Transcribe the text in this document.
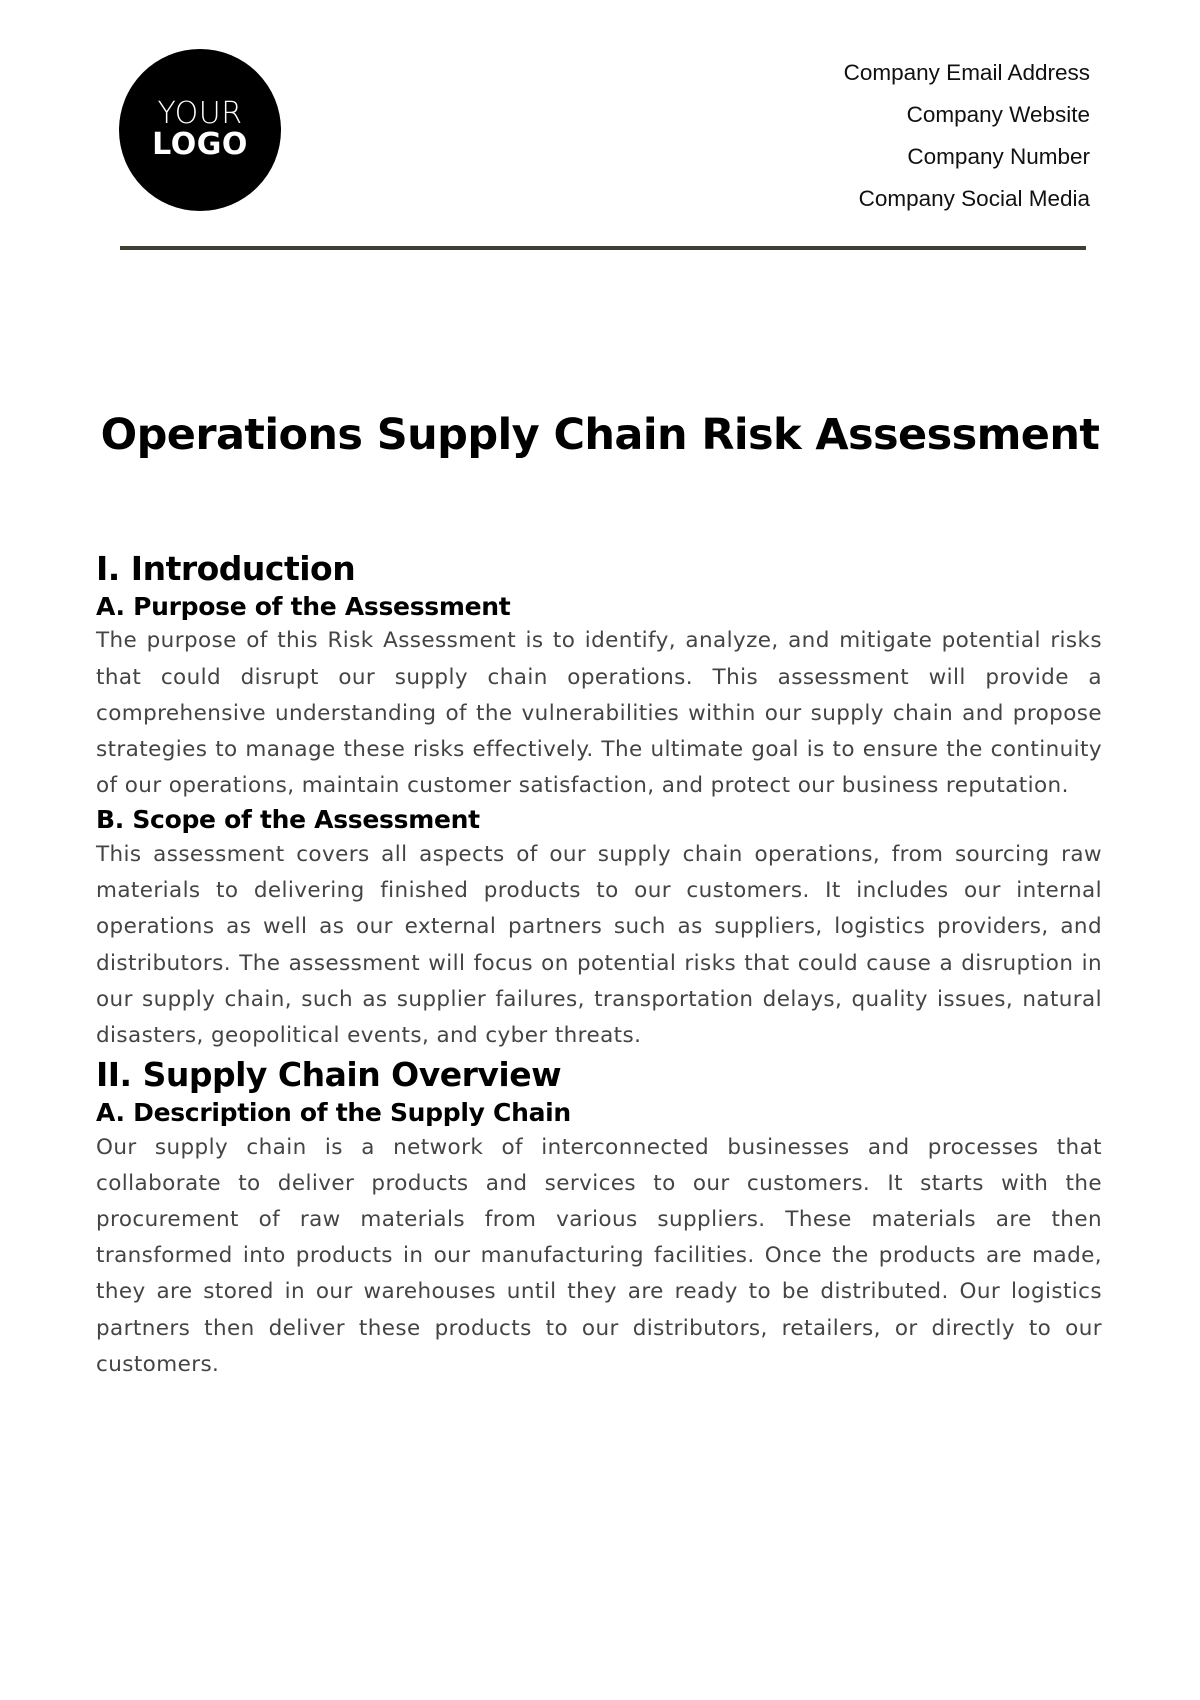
YOUR
LOGO
Company Email Address
Company Website
Company Number
Company Social Media
Operations Supply Chain Risk Assessment
I. Introduction
A. Purpose of the Assessment

The purpose of this Risk Assessment is to identify, analyze, and mitigate potential risks that could disrupt our supply chain operations. This assessment will provide a comprehensive understanding of the vulnerabilities within our supply chain and propose strategies to manage these risks effectively. The ultimate goal is to ensure the continuity of our operations, maintain customer satisfaction, and protect our business reputation.

B. Scope of the Assessment

This assessment covers all aspects of our supply chain operations, from sourcing raw materials to delivering finished products to our customers. It includes our internal operations as well as our external partners such as suppliers, logistics providers, and distributors. The assessment will focus on potential risks that could cause a disruption in our supply chain, such as supplier failures, transportation delays, quality issues, natural disasters, geopolitical events, and cyber threats.

II. Supply Chain Overview
A. Description of the Supply Chain

Our supply chain is a network of interconnected businesses and processes that collaborate to deliver products and services to our customers. It starts with the procurement of raw materials from various suppliers. These materials are then transformed into products in our manufacturing facilities. Once the products are made, they are stored in our warehouses until they are ready to be distributed. Our logistics partners then deliver these products to our distributors, retailers, or directly to our customers.
